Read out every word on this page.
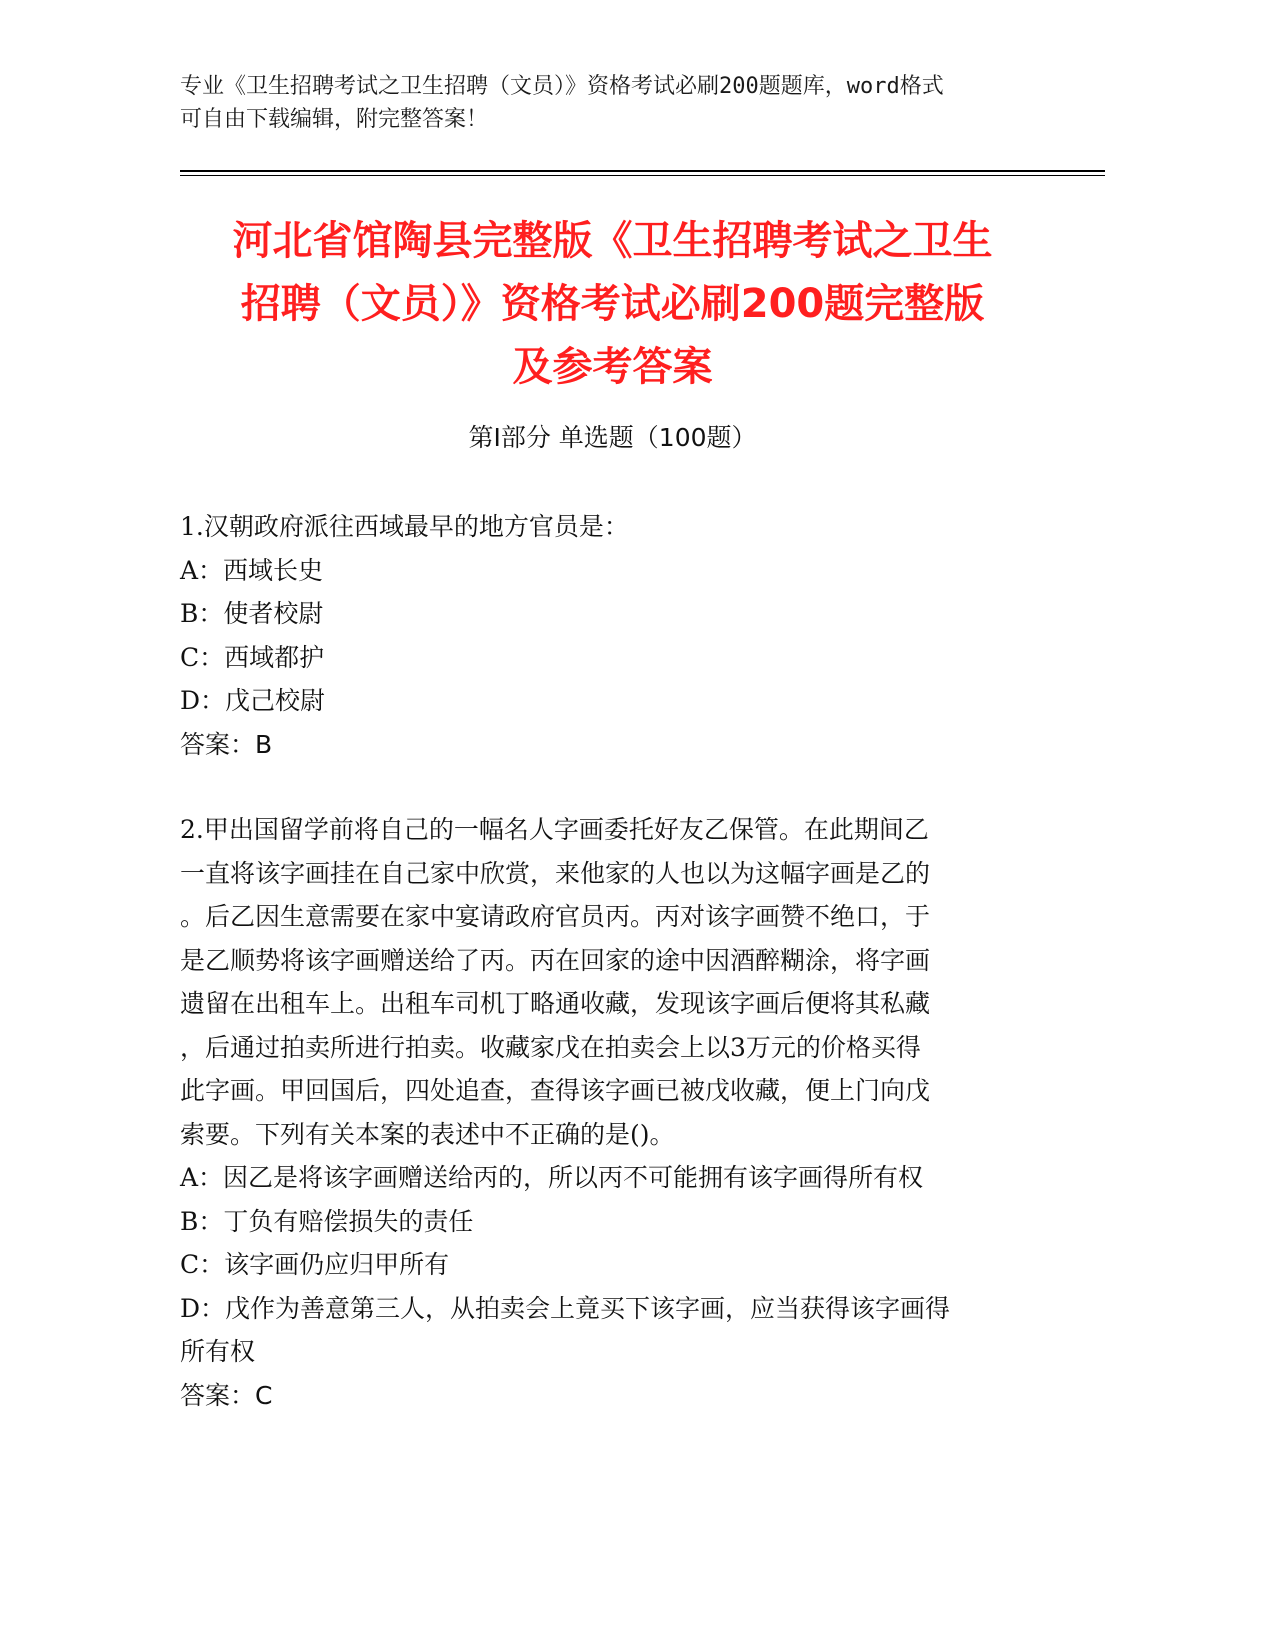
专业《卫生招聘考试之卫生招聘（文员）》资格考试必刷200题题库，word格式
可自由下载编辑，附完整答案！
河北省馆陶县完整版《卫生招聘考试之卫生
招聘（文员）》资格考试必刷200题完整版
及参考答案
第Ⅰ部分 单选题（100题）
1.汉朝政府派往西域最早的地方官员是：
A：西域长史
B：使者校尉
C：西域都护
D：戊己校尉
答案：B
2.甲出国留学前将自己的一幅名人字画委托好友乙保管。在此期间乙
一直将该字画挂在自己家中欣赏，来他家的人也以为这幅字画是乙的
。后乙因生意需要在家中宴请政府官员丙。丙对该字画赞不绝口，于
是乙顺势将该字画赠送给了丙。丙在回家的途中因酒醉糊涂，将字画
遗留在出租车上。出租车司机丁略通收藏，发现该字画后便将其私藏
，后通过拍卖所进行拍卖。收藏家戊在拍卖会上以3万元的价格买得
此字画。甲回国后，四处追查，查得该字画已被戊收藏，便上门向戊
索要。下列有关本案的表述中不正确的是()。
A：因乙是将该字画赠送给丙的，所以丙不可能拥有该字画得所有权
B：丁负有赔偿损失的责任
C：该字画仍应归甲所有
D：戊作为善意第三人，从拍卖会上竟买下该字画，应当获得该字画得
所有权
答案：C
